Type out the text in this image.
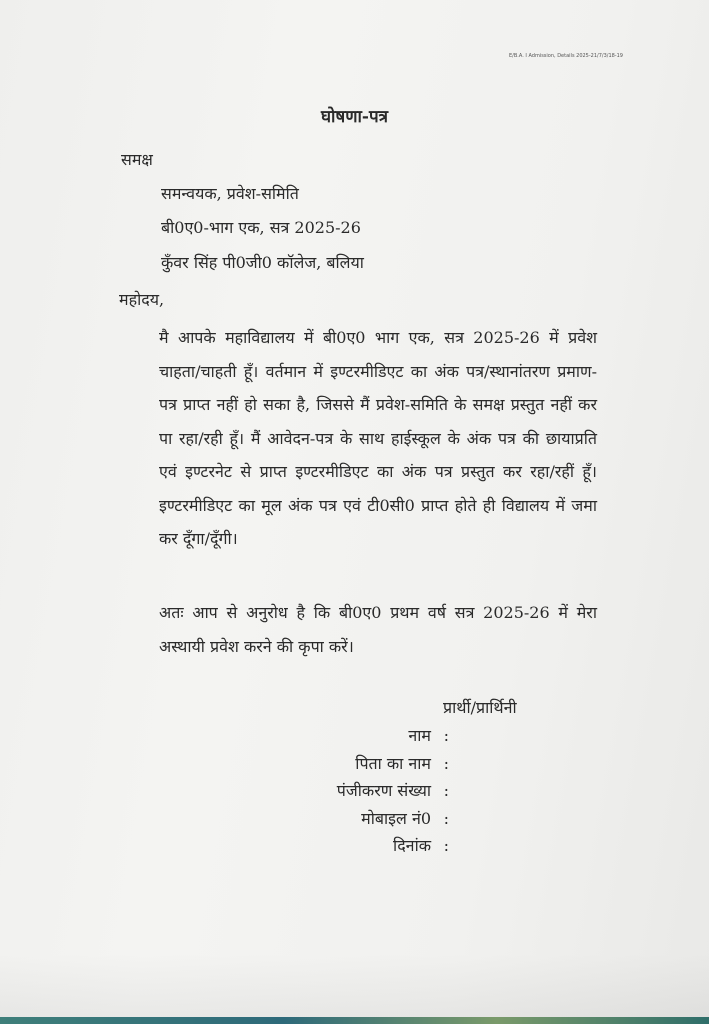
E/B.A. I Admission, Details 2025-21/7/3/18-19
घोषणा-पत्र
समक्ष
समन्वयक, प्रवेश-समिति
बी0ए0-भाग एक, सत्र 2025-26
कुँवर सिंह पी0जी0 कॉलेज, बलिया
महोदय,
मै आपके महाविद्यालय में बी0ए0 भाग एक, सत्र 2025-26 में प्रवेश चाहता/चाहती हूँ। वर्तमान में इण्टरमीडिएट का अंक पत्र/स्थानांतरण प्रमाण-पत्र प्राप्त नहीं हो सका है, जिससे मैं प्रवेश-समिति के समक्ष प्रस्तुत नहीं कर पा रहा/रही हूँ। मैं आवेदन-पत्र के साथ हाईस्कूल के अंक पत्र की छायाप्रति एवं इण्टरनेट से प्राप्त इण्टरमीडिएट का अंक पत्र प्रस्तुत कर रहा/रहीं हूँ। इण्टरमीडिएट का मूल अंक पत्र एवं टी0सी0 प्राप्त होते ही विद्यालय में जमा कर दूँगा/दूँगी।
अतः आप से अनुरोध है कि बी0ए0 प्रथम वर्ष सत्र 2025-26 में मेरा अस्थायी प्रवेश करने की कृपा करें।
प्रार्थी/प्रार्थिनी
नाम :
पिता का नाम :
पंजीकरण संख्या :
मोबाइल नं0 :
दिनांक :
